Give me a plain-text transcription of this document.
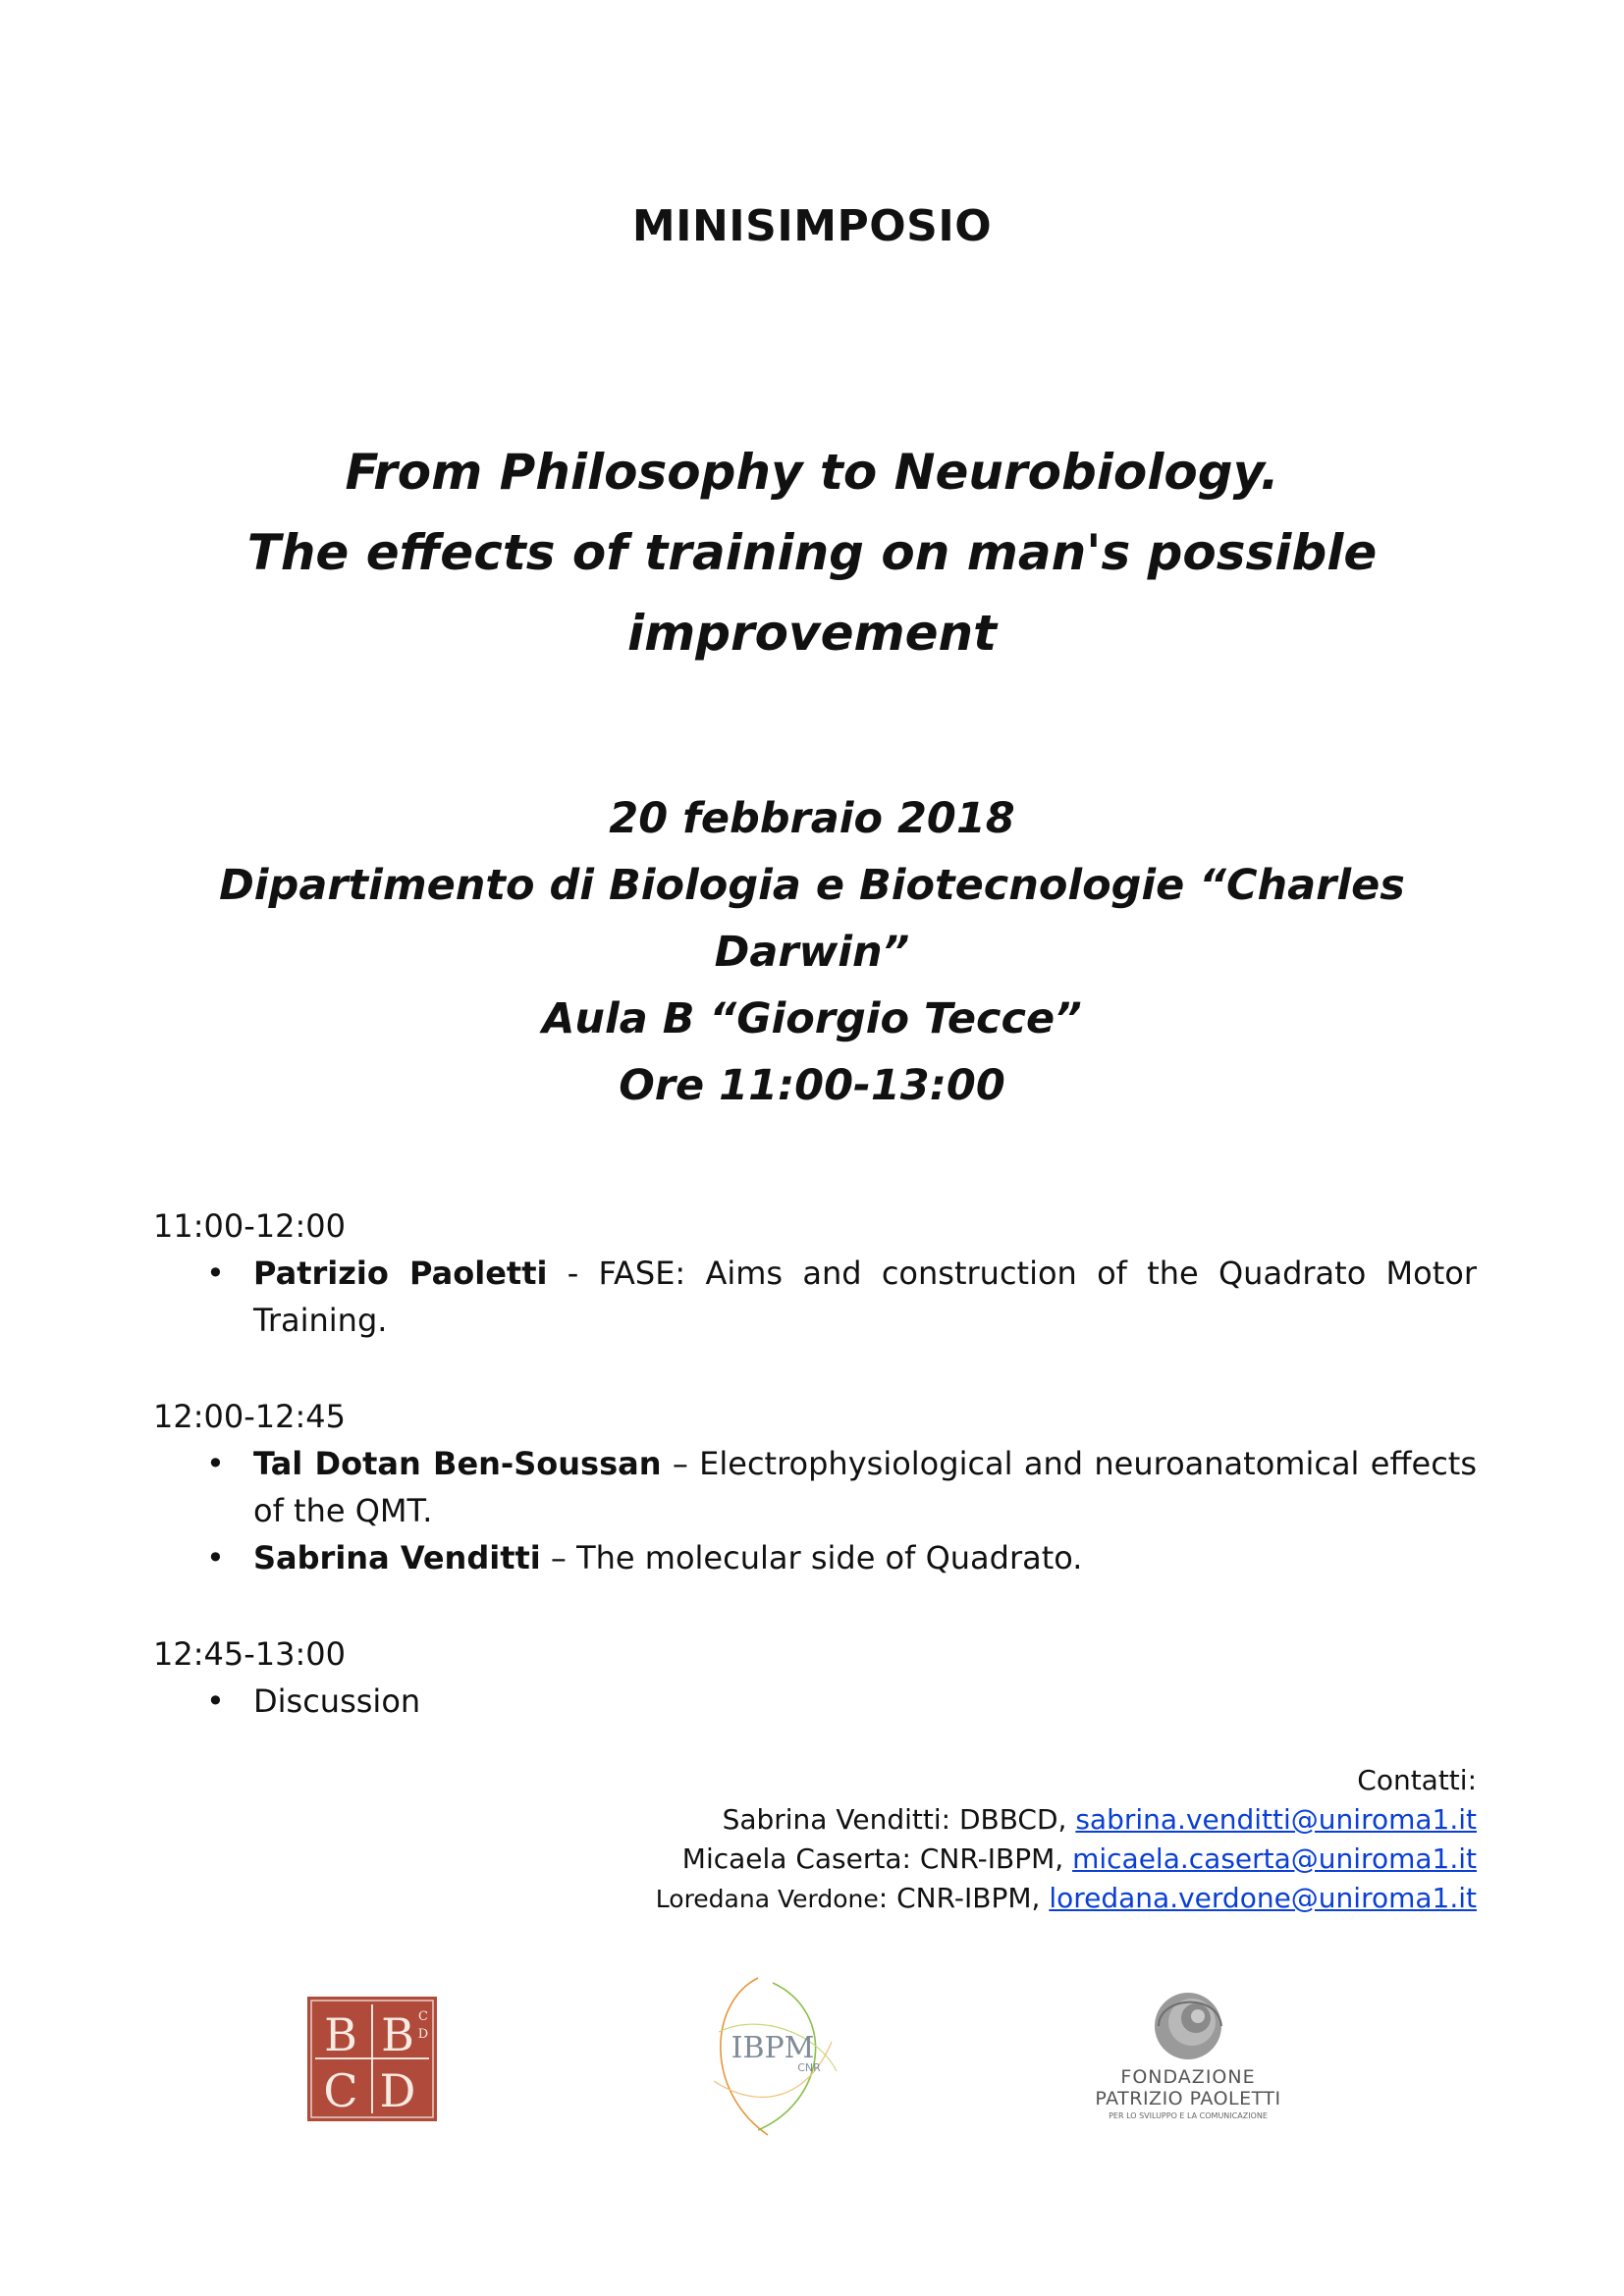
MINISIMPOSIO
From Philosophy to Neurobiology.
The effects of training on man's possible
improvement
20 febbraio 2018
Dipartimento di Biologia e Biotecnologie “Charles
Darwin”
Aula B “Giorgio Tecce”
Ore 11:00-13:00
11:00-12:00
• Patrizio Paoletti - FASE: Aims and construction of the Quadrato Motor Training.
12:00-12:45
• Tal Dotan Ben-Soussan – Electrophysiological and neuroanatomical effects of the QMT.
• Sabrina Venditti – The molecular side of Quadrato.
12:45-13:00
• Discussion
Contatti:
Sabrina Venditti: DBBCD, sabrina.venditti@uniroma1.it
Micaela Caserta: CNR-IBPM, micaela.caserta@uniroma1.it
Loredana Verdone: CNR-IBPM, loredana.verdone@uniroma1.it
B B
C D
C
D	IBPM
CNR	FONDAZIONE
PATRIZIO PAOLETTI
PER LO SVILUPPO E LA COMUNICAZIONE
